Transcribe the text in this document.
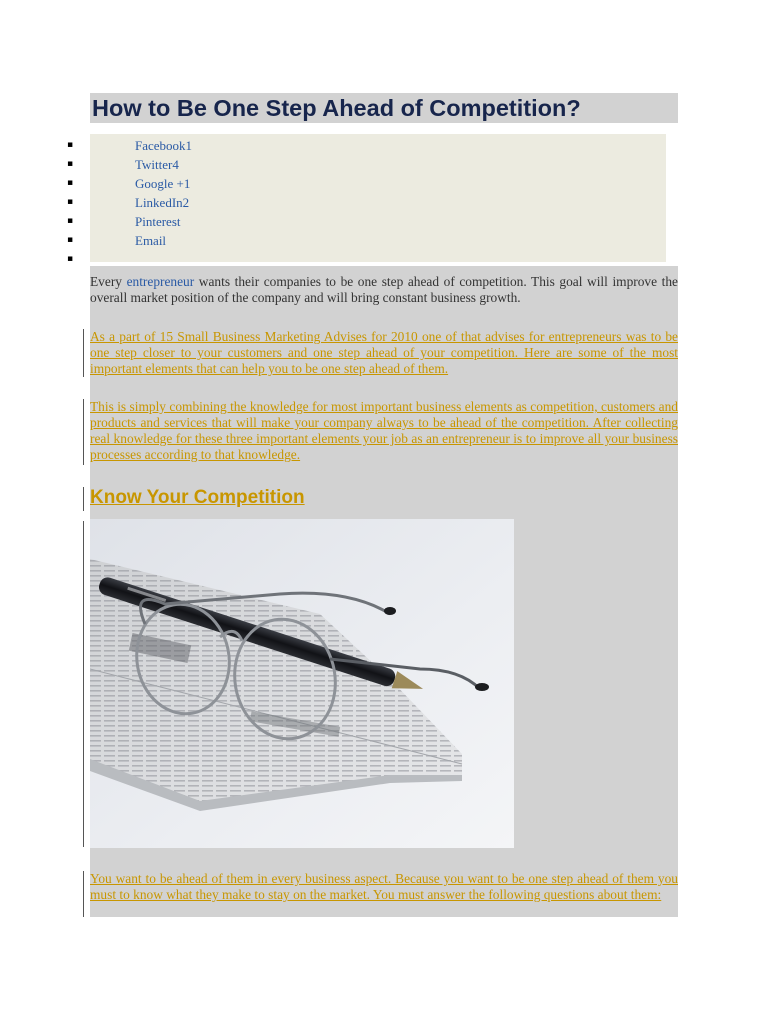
How to Be One Step Ahead of Competition?
▪	Facebook1
▪	Twitter4
▪	Google +1
▪	LinkedIn2
▪	Pinterest
▪	Email
▪

Every entrepreneur wants their companies to be one step ahead of competition. This goal will improve the overall market position of the company and will bring constant business growth.

As a part of 15 Small Business Marketing Advises for 2010 one of that advises for entrepreneurs was to be one step closer to your customers and one step ahead of your competition. Here are some of the most important elements that can help you to be one step ahead of them.

This is simply combining the knowledge for most important business elements as competition, customers and products and services that will make your company always to be ahead of the competition. After collecting real knowledge for these three important elements your job as an entrepreneur is to improve all your business processes according to that knowledge.

Know Your Competition

You want to be ahead of them in every business aspect. Because you want to be one step ahead of them you must to know what they make to stay on the market. You must answer the following questions about them:
